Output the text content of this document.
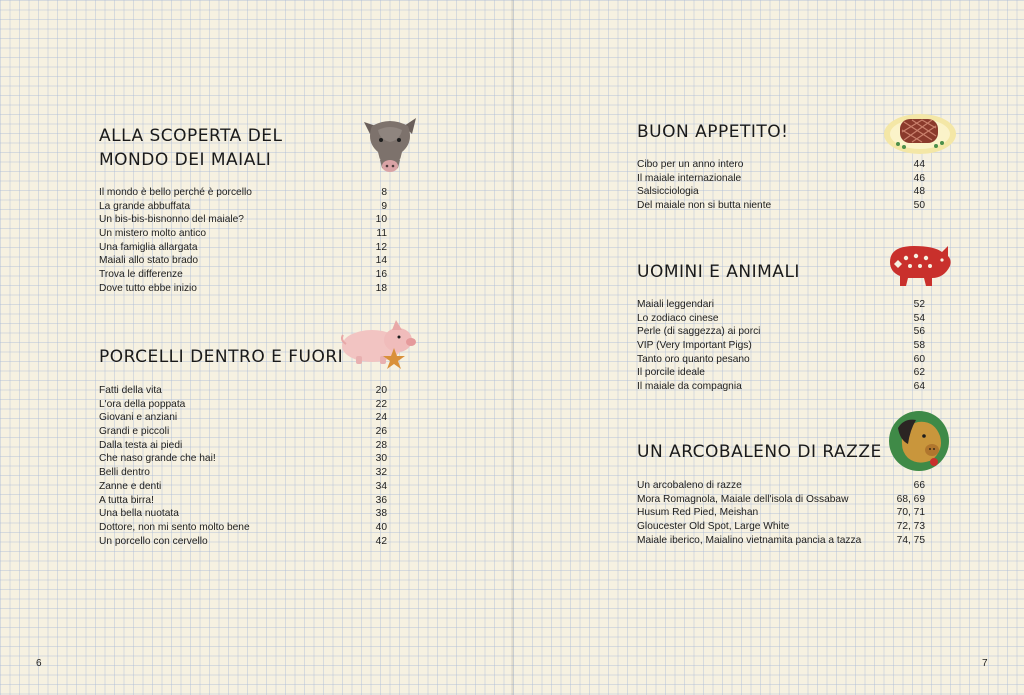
ALLA SCOPERTA DEL
MONDO DEI MAIALI
Il mondo è bello perché è porcello	8
La grande abbuffata	9
Un bis-bis-bisnonno del maiale?	10
Un mistero molto antico	11
Una famiglia allargata	12
Maiali allo stato brado	14
Trova le differenze	16
Dove tutto ebbe inizio	18
PORCELLI DENTRO E FUORI
Fatti della vita	20
L'ora della poppata	22
Giovani e anziani	24
Grandi e piccoli	26
Dalla testa ai piedi	28
Che naso grande che hai!	30
Belli dentro	32
Zanne e denti	34
A tutta birra!	36
Una bella nuotata	38
Dottore, non mi sento molto bene	40
Un porcello con cervello	42
6
BUON APPETITO!
Cibo per un anno intero	44
Il maiale internazionale	46
Salsicciologia	48
Del maiale non si butta niente	50
UOMINI E ANIMALI
Maiali leggendari	52
Lo zodiaco cinese	54
Perle (di saggezza) ai porci	56
VIP (Very Important Pigs)	58
Tanto oro quanto pesano	60
Il porcile ideale	62
Il maiale da compagnia	64
UN ARCOBALENO DI RAZZE
Un arcobaleno di razze	66
Mora Romagnola, Maiale dell'isola di Ossabaw	68, 69
Husum Red Pied, Meishan	70, 71
Gloucester Old Spot, Large White	72, 73
Maiale iberico, Maialino vietnamita pancia a tazza	74, 75
7
